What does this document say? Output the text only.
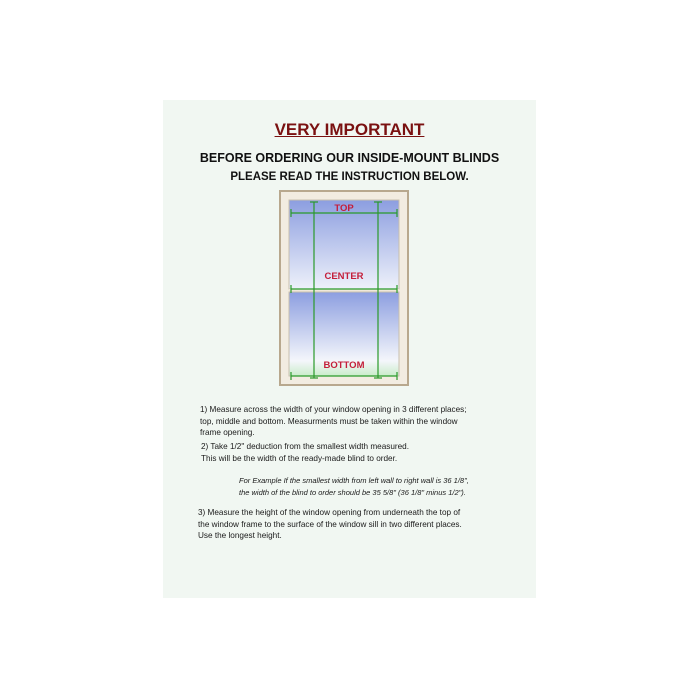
VERY IMPORTANT
BEFORE ORDERING OUR INSIDE-MOUNT BLINDS
PLEASE READ THE INSTRUCTION BELOW.
TOP
CENTER
BOTTOM

1) Measure across the width of your window opening in 3 different places;
top, middle and bottom. Measurments must be taken within the window
frame opening.

2) Take 1/2" deduction from the smallest width measured.
This will be the width of the ready-made blind to order.

For Example If the smallest width from left wall to right wall is 36 1/8",
the width of the blind to order should be 35 5/8" (36 1/8" minus 1/2").

3) Measure the height of the window opening from underneath the top of
the window frame to the surface of the window sill in two different places.
Use the longest height.
